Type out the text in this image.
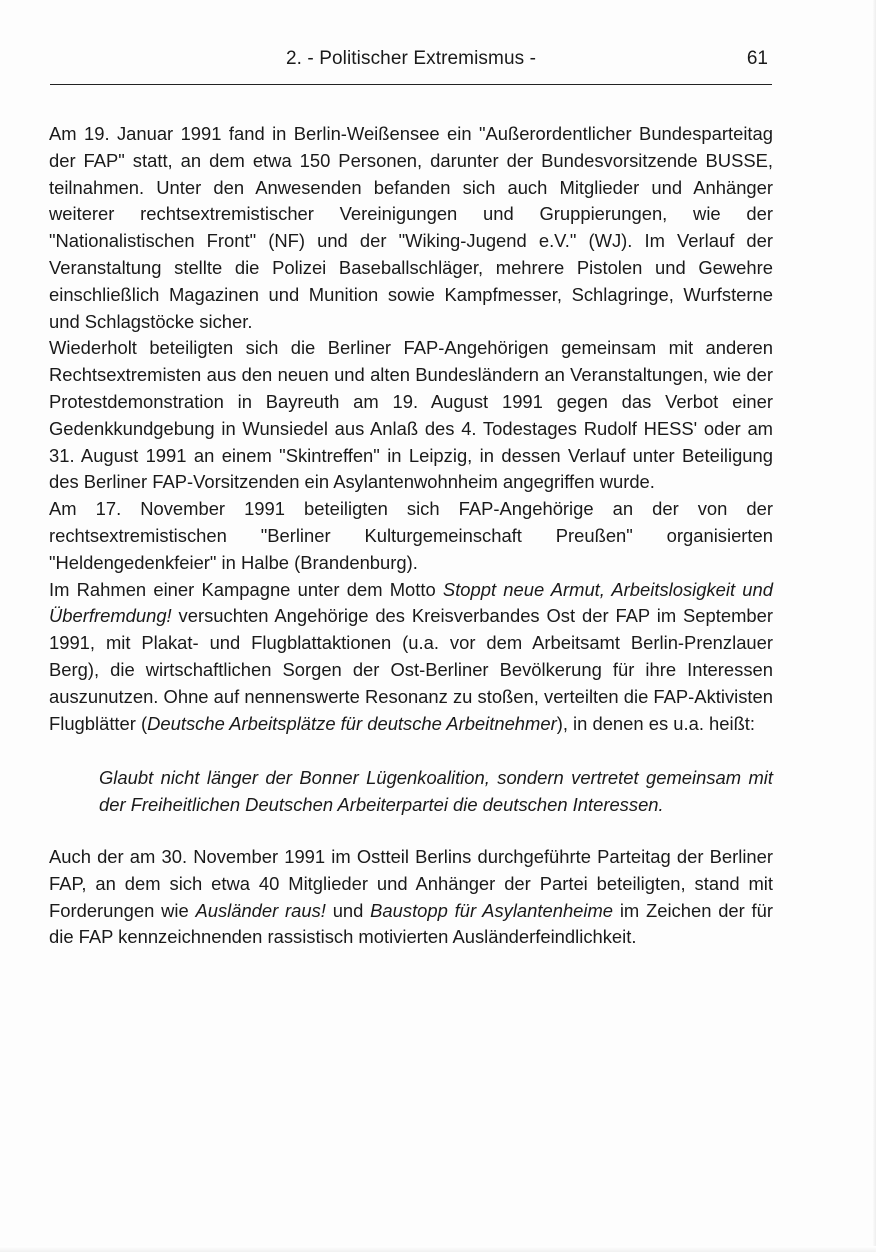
2. - Politischer Extremismus -	61

Am 19. Januar 1991 fand in Berlin-Weißensee ein "Außerordentlicher Bundesparteitag der FAP" statt, an dem etwa 150 Personen, darunter der Bundesvorsitzende BUSSE, teilnahmen. Unter den Anwesenden befanden sich auch Mitglieder und Anhänger weiterer rechtsextremistischer Vereinigungen und Gruppierungen, wie der "Nationalistischen Front" (NF) und der "Wiking-Jugend e.V." (WJ). Im Verlauf der Veranstaltung stellte die Polizei Baseballschläger, mehrere Pistolen und Gewehre einschließlich Magazinen und Munition sowie Kampfmesser, Schlagringe, Wurfsterne und Schlagstöcke sicher.

Wiederholt beteiligten sich die Berliner FAP-Angehörigen gemeinsam mit anderen Rechtsextremisten aus den neuen und alten Bundesländern an Veranstaltungen, wie der Protestdemonstration in Bayreuth am 19. August 1991 gegen das Verbot einer Gedenkkundgebung in Wunsiedel aus Anlaß des 4. Todestages Rudolf HESS' oder am 31. August 1991 an einem "Skintreffen" in Leipzig, in dessen Verlauf unter Beteiligung des Berliner FAP-Vorsitzenden ein Asylantenwohnheim angegriffen wurde.

Am 17. November 1991 beteiligten sich FAP-Angehörige an der von der rechtsextremistischen "Berliner Kulturgemeinschaft Preußen" organisierten "Heldengedenkfeier" in Halbe (Brandenburg).

Im Rahmen einer Kampagne unter dem Motto Stoppt neue Armut, Arbeitslosigkeit und Überfremdung! versuchten Angehörige des Kreisverbandes Ost der FAP im September 1991, mit Plakat- und Flugblattaktionen (u.a. vor dem Arbeitsamt Berlin-Prenzlauer Berg), die wirtschaftlichen Sorgen der Ost-Berliner Bevölkerung für ihre Interessen auszunutzen. Ohne auf nennenswerte Resonanz zu stoßen, verteilten die FAP-Aktivisten Flugblätter (Deutsche Arbeitsplätze für deutsche Arbeitnehmer), in denen es u.a. heißt:

Glaubt nicht länger der Bonner Lügenkoalition, sondern vertretet gemeinsam mit der Freiheitlichen Deutschen Arbeiterpartei die deutschen Interessen.

Auch der am 30. November 1991 im Ostteil Berlins durchgeführte Parteitag der Berliner FAP, an dem sich etwa 40 Mitglieder und Anhänger der Partei beteiligten, stand mit Forderungen wie Ausländer raus! und Baustopp für Asylantenheime im Zeichen der für die FAP kennzeichnenden rassistisch motivierten Ausländerfeindlichkeit.
